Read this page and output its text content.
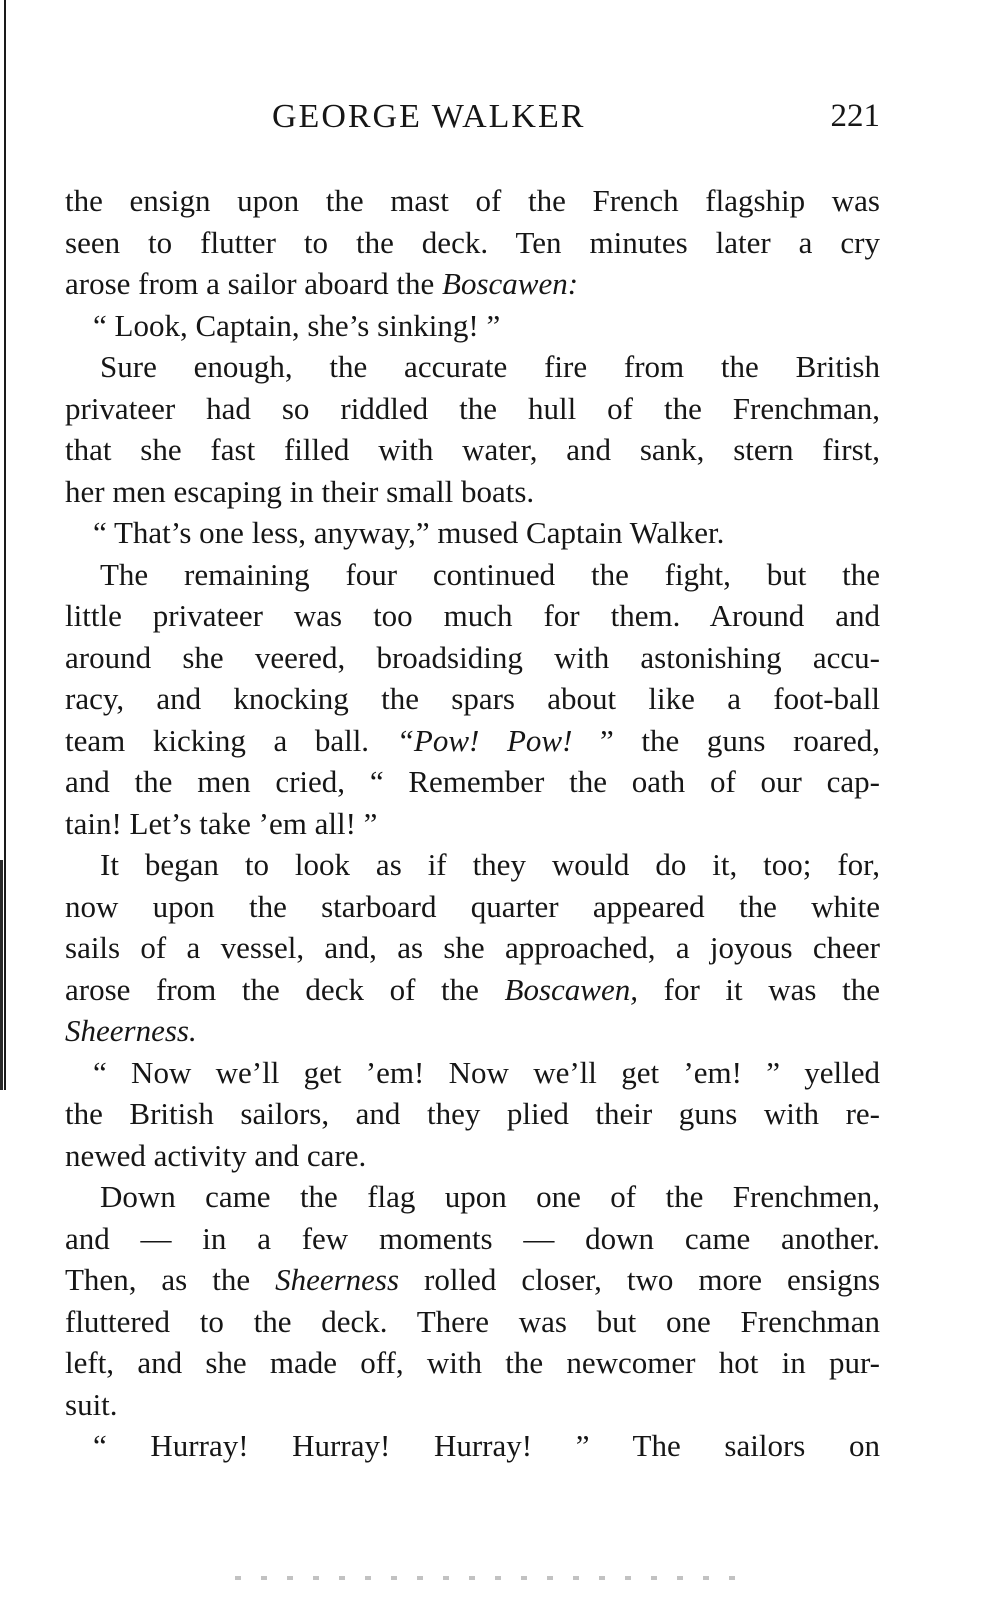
GEORGE WALKER	221
the ensign upon the mast of the French flagship was
seen to flutter to the deck. Ten minutes later a cry
arose from a sailor aboard the Boscawen:
“ Look, Captain, she’s sinking! ”
Sure enough, the accurate fire from the British
privateer had so riddled the hull of the Frenchman,
that she fast filled with water, and sank, stern first,
her men escaping in their small boats.
“ That’s one less, anyway,” mused Captain Walker.
The remaining four continued the fight, but the
little privateer was too much for them. Around and
around she veered, broadsiding with astonishing accu-
racy, and knocking the spars about like a foot-ball
team kicking a ball. “Pow! Pow! ” the guns roared,
and the men cried, “ Remember the oath of our cap-
tain! Let’s take ’em all! ”
It began to look as if they would do it, too; for,
now upon the starboard quarter appeared the white
sails of a vessel, and, as she approached, a joyous cheer
arose from the deck of the Boscawen, for it was the
Sheerness.
“ Now we’ll get ’em! Now we’ll get ’em! ” yelled
the British sailors, and they plied their guns with re-
newed activity and care.
Down came the flag upon one of the Frenchmen,
and — in a few moments — down came another.
Then, as the Sheerness rolled closer, two more ensigns
fluttered to the deck. There was but one Frenchman
left, and she made off, with the newcomer hot in pur-
suit.
“ Hurray! Hurray! Hurray! ” The sailors on
